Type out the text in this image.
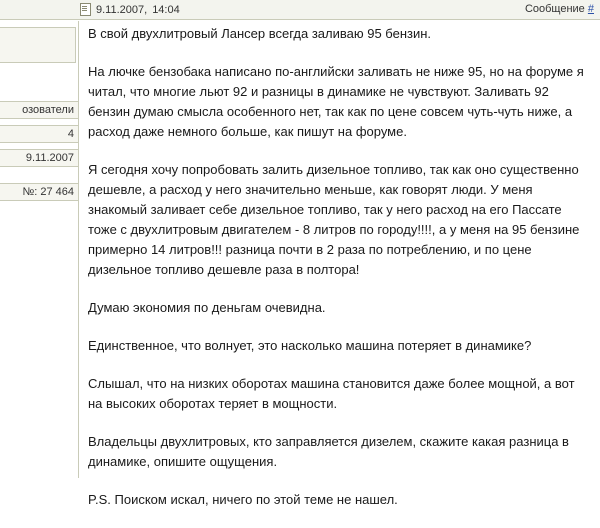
9.11.2007, 14:04	Сообщение #
озователи
4
9.11.2007
№: 27 464

В свой двухлитровый Лансер всегда заливаю 95 бензин.

На лючке бензобака написано по-английски заливать не ниже 95, но на форуме я читал, что многие льют 92 и разницы в динамике не чувствуют. Заливать 92 бензин думаю смысла особенного нет, так как по цене совсем чуть-чуть ниже, а расход даже немного больше, как пишут на форуме.

Я сегодня хочу попробовать залить дизельное топливо, так как оно существенно дешевле, а расход у него значительно меньше, как говорят люди. У меня знакомый заливает себе дизельное топливо, так у него расход на его Пассате тоже с двухлитровым двигателем - 8 литров по городу!!!!, а у меня на 95 бензине примерно 14 литров!!! разница почти в 2 раза по потреблению, и по цене дизельное топливо дешевле раза в полтора!

Думаю экономия по деньгам очевидна.

Единственное, что волнует, это насколько машина потеряет в динамике?

Слышал, что на низких оборотах машина становится даже более мощной, а вот на высоких оборотах теряет в мощности.

Владельцы двухлитровых, кто заправляется дизелем, скажите какая разница в динамике, опишите ощущения.

P.S. Поиском искал, ничего по этой теме не нашел.
